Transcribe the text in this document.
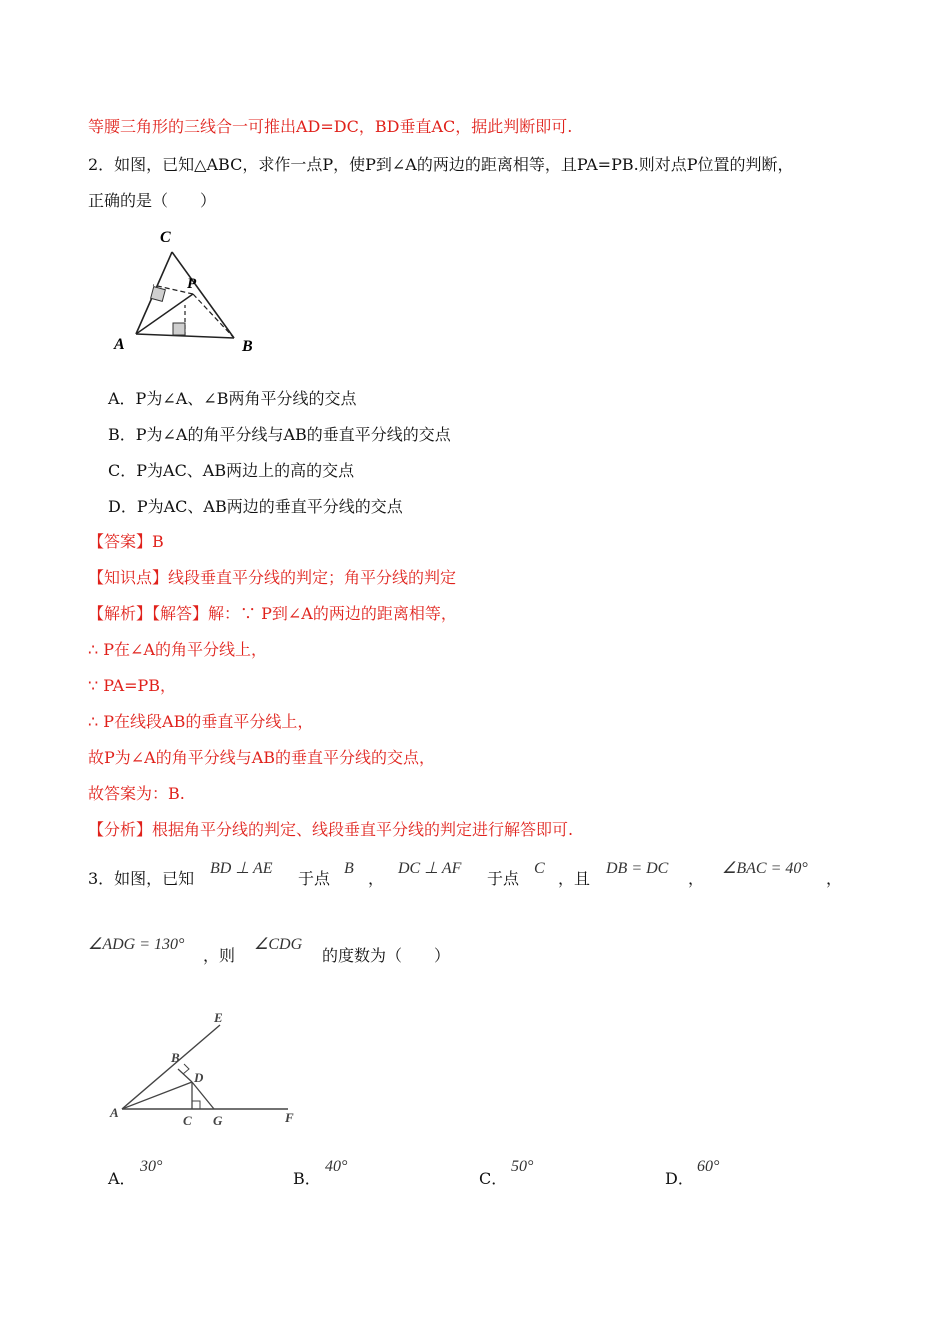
等腰三角形的三线合一可推出AD=DC，BD垂直AC，据此判断即可.
2．如图，已知△ABC，求作一点P，使P到∠A的两边的距离相等，且PA=PB.则对点P位置的判断，
正确的是（　　）
C
P
A	B
A．P为∠A、∠B两角平分线的交点
B．P为∠A的角平分线与AB的垂直平分线的交点
C．P为AC、AB两边上的高的交点
D．P为AC、AB两边的垂直平分线的交点
【答案】B
【知识点】线段垂直平分线的判定；角平分线的判定
【解析】【解答】解：∵ P到∠A的两边的距离相等，
∴ P在∠A的角平分线上，
∵ PA=PB，
∴ P在线段AB的垂直平分线上，
故P为∠A的角平分线与AB的垂直平分线的交点，
故答案为：B.
【分析】根据角平分线的判定、线段垂直平分线的判定进行解答即可.
3．如图，已知
BD ⊥ AE
于点
B
，
DC ⊥ AF
于点
C
，且
DB = DC
，
∠BAC = 40°
，
∠ADG = 130°
，则
∠CDG
的度数为（　　）
E
B
D
A
C G	F
A．
30°
B．
40°
C．
50°
D．
60°
